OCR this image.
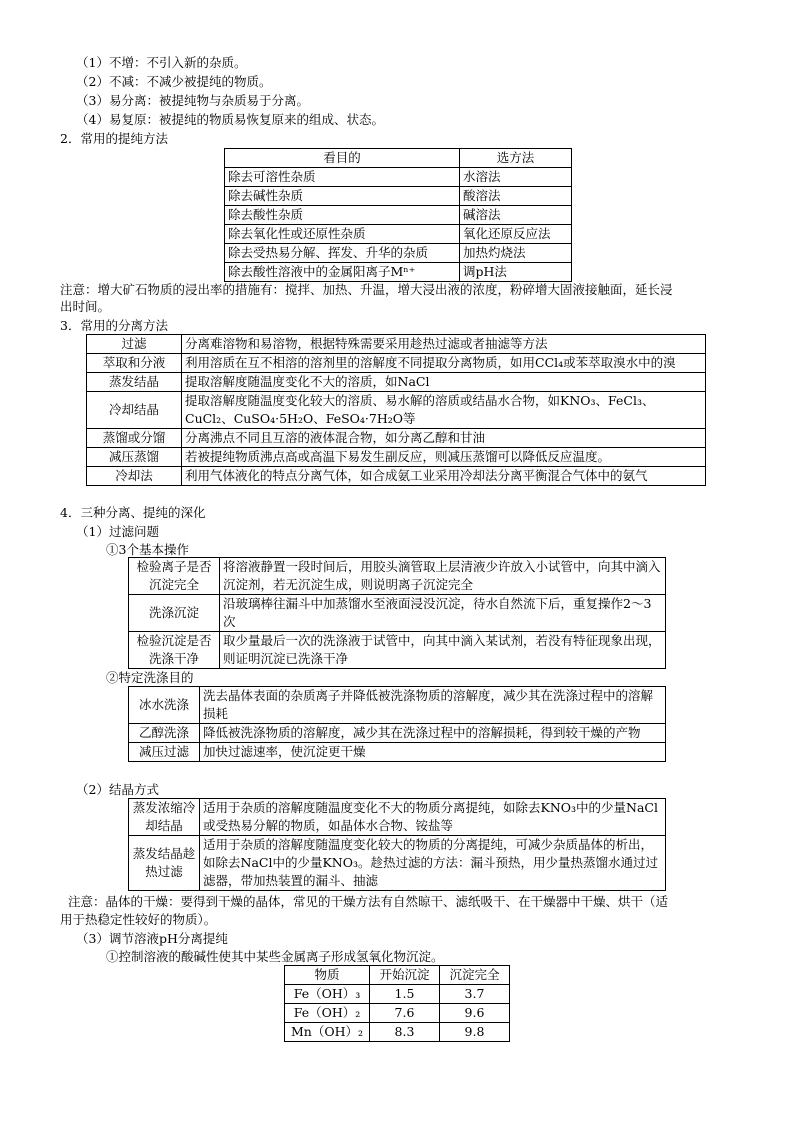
（1）不增：不引入新的杂质。
（2）不减：不减少被提纯的物质。
（3）易分离：被提纯物与杂质易于分离。
（4）易复原：被提纯的物质易恢复原来的组成、状态。
2．常用的提纯方法
看目的	选方法
除去可溶性杂质	水溶法
除去碱性杂质	酸溶法
除去酸性杂质	碱溶法
除去氧化性或还原性杂质	氧化还原反应法
除去受热易分解、挥发、升华的杂质	加热灼烧法
除去酸性溶液中的金属阳离子Mⁿ⁺	调pH法
注意：增大矿石物质的浸出率的措施有：搅拌、加热、升温，增大浸出液的浓度，粉碎增大固液接触面，延长浸
出时间。
3．常用的分离方法
过滤	分离难溶物和易溶物，根据特殊需要采用趁热过滤或者抽滤等方法
萃取和分液	利用溶质在互不相溶的溶剂里的溶解度不同提取分离物质，如用CCl₄或苯萃取溴水中的溴
蒸发结晶	提取溶解度随温度变化不大的溶质，如NaCl
冷却结晶	提取溶解度随温度变化较大的溶质、易水解的溶质或结晶水合物，如KNO₃、FeCl₃、CuCl₂、CuSO₄·5H₂O、FeSO₄·7H₂O等
蒸馏或分馏	分离沸点不同且互溶的液体混合物，如分离乙醇和甘油
减压蒸馏	若被提纯物质沸点高或高温下易发生副反应，则减压蒸馏可以降低反应温度。
冷却法	利用气体液化的特点分离气体，如合成氨工业采用冷却法分离平衡混合气体中的氨气
4．三种分离、提纯的深化
（1）过滤问题
①3个基本操作
检验离子是否沉淀完全	将溶液静置一段时间后，用胶头滴管取上层清液少许放入小试管中，向其中滴入沉淀剂，若无沉淀生成，则说明离子沉淀完全
洗涤沉淀	沿玻璃棒往漏斗中加蒸馏水至液面浸没沉淀，待水自然流下后，重复操作2～3次
检验沉淀是否洗涤干净	取少量最后一次的洗涤液于试管中，向其中滴入某试剂，若没有特征现象出现，则证明沉淀已洗涤干净
②特定洗涤目的
冰水洗涤	洗去晶体表面的杂质离子并降低被洗涤物质的溶解度，减少其在洗涤过程中的溶解损耗
乙醇洗涤	降低被洗涤物质的溶解度，减少其在洗涤过程中的溶解损耗，得到较干燥的产物
减压过滤	加快过滤速率，使沉淀更干燥
（2）结晶方式
蒸发浓缩冷却结晶	适用于杂质的溶解度随温度变化不大的物质分离提纯，如除去KNO₃中的少量NaCl或受热易分解的物质，如晶体水合物、铵盐等
蒸发结晶趁热过滤	适用于杂质的溶解度随温度变化较大的物质的分离提纯，可减少杂质晶体的析出，如除去NaCl中的少量KNO₃。趁热过滤的方法：漏斗预热，用少量热蒸馏水通过过滤器，带加热装置的漏斗、抽滤
注意：晶体的干燥：要得到干燥的晶体，常见的干燥方法有自然晾干、滤纸吸干、在干燥器中干燥、烘干（适
用于热稳定性较好的物质）。
（3）调节溶液pH分离提纯
①控制溶液的酸碱性使其中某些金属离子形成氢氧化物沉淀。
物质	开始沉淀	沉淀完全
Fe（OH）₃	1.5	3.7
Fe（OH）₂	7.6	9.6
Mn（OH）₂	8.3	9.8
